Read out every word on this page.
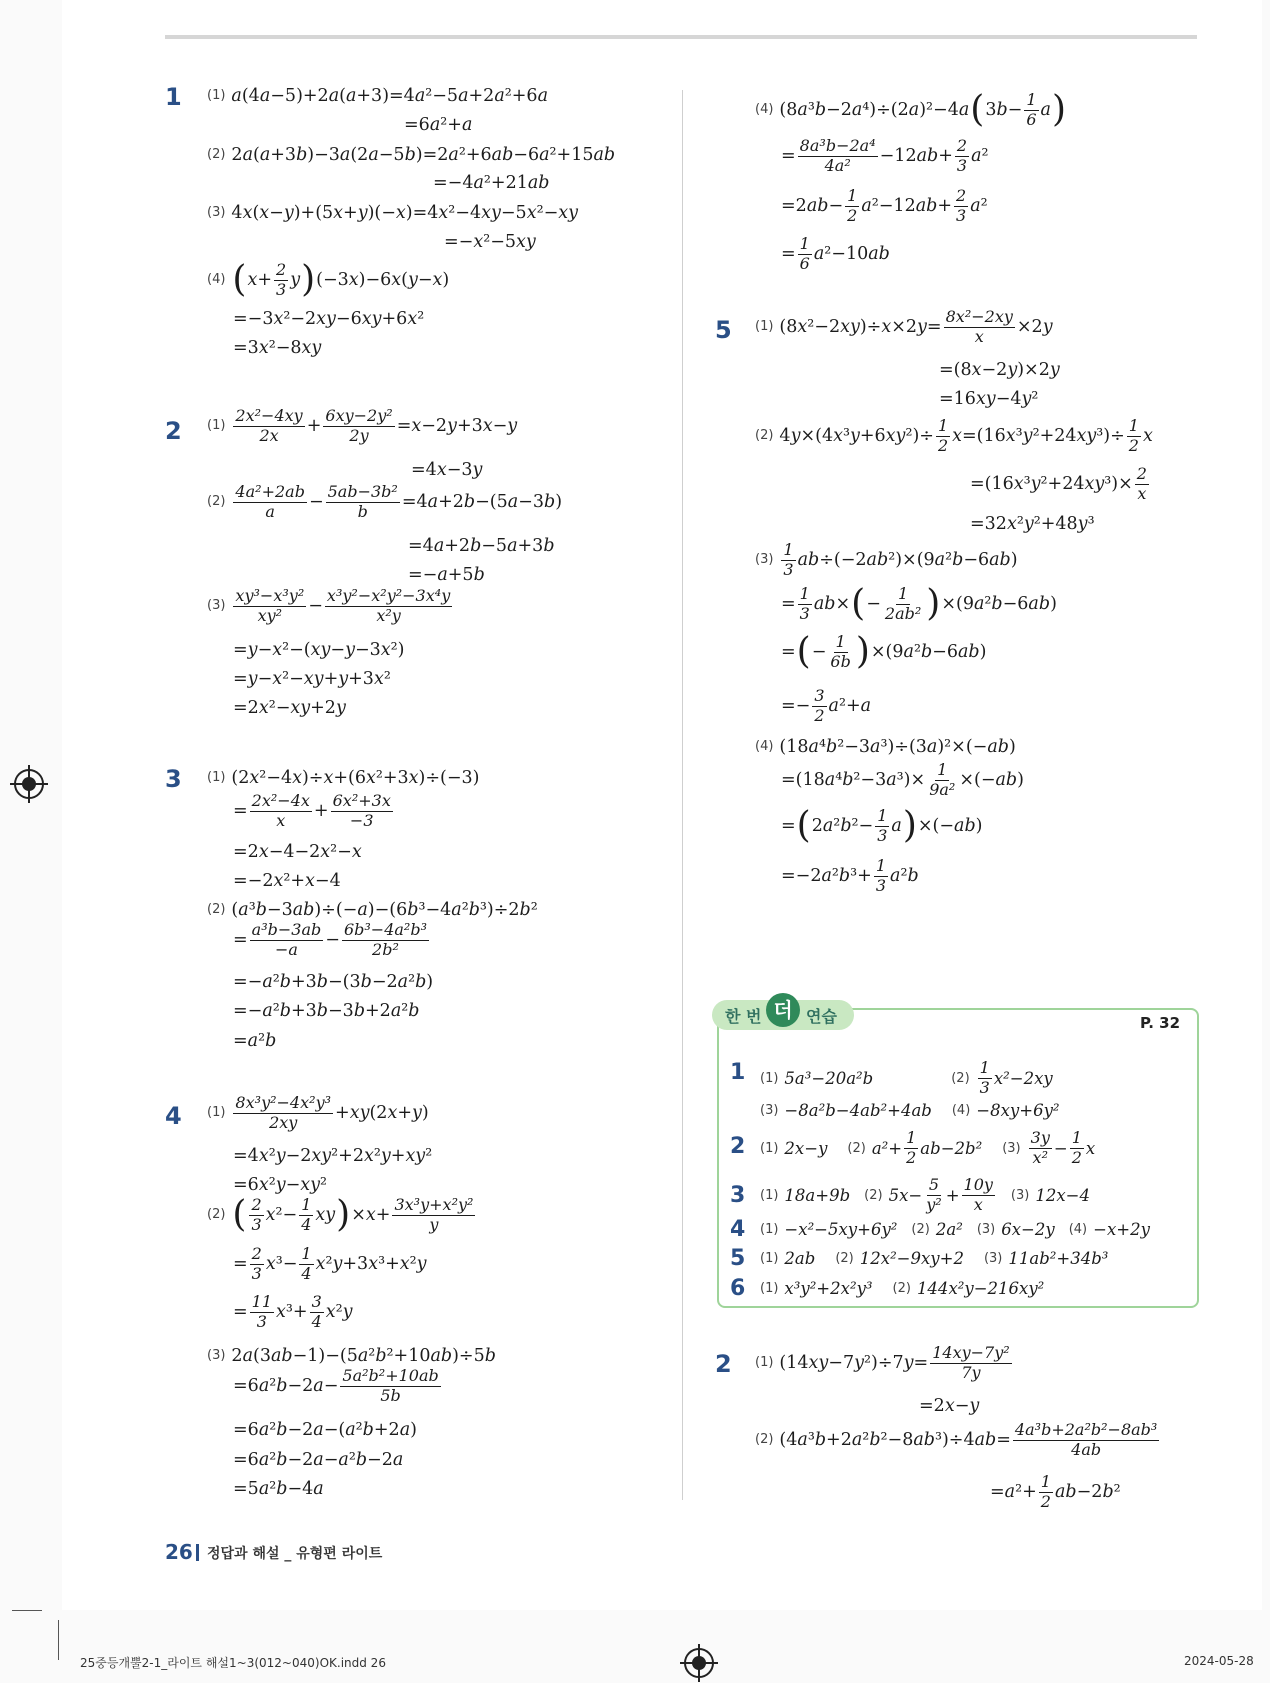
1 (1) a (4 a −5)+2 a ( a +3)=4 a ²−5 a +2 a ²+6 a
=6 a ²+ a
(2) 2 a ( a +3 b )−3 a (2 a −5 b )=2 a ²+6 ab −6 a ²+15 ab
=−4 a ²+21 ab
(3) 4 x ( x − y )+(5 x + y )(− x )=4 x ²−4 xy −5 x ²− xy
=− x ²−5 xy
(4) ( $x + \frac{2}{3}$ y ) (−3 x )−6 x ( y − x )
=−3 x ²−2 xy −6 xy +6 x ²
=3 x ²−8 xy
2 $(1) \frac{\text{2x²−4xy}}{2x} + \frac{\text{6xy−2y²}}{2y} = x -2$ y +3 x − y
=4 x −3 y
$(2) \frac{\text{4a²+2ab}}{a} - \frac{\text{5ab−3b²}}{b} =4$ a +2 b −(5 a −3 b )
=4 a +2 b −5 a +3 b
=− a +5 b
$(3) \frac{\text{xy³−x³y²}}{\text{xy²}} - \frac{\text{x³y²−x²y²−3x⁴y}}{\text{x²y}}$
= y − x ²−( xy − y −3 x ²)
= y − x ²− xy + y +3 x ²
=2 x ²− xy +2 y
3 (1) (2 x ²−4 x )÷ x +(6 x ²+3 x )÷(−3)
= $\frac{\text{2x²−4x}}{x} + \frac{\text{6x²+3x}}{-3}$
=2 x −4−2 x ²− x
=−2 x ²+ x −4
(2) ( a ³ b −3 ab )÷(− a )−(6 b ³−4 a ² b ³)÷2 b ²
= $\frac{\text{a³b−3ab}}{-a} - \frac{\text{6b³−4a²b³}}{\text{2b²}}$
=− a ² b +3 b −(3 b −2 a ² b )
=− a ² b +3 b −3 b +2 a ² b
= a ² b
4 $(1) \frac{\text{8x³y²−4x²y³}}{2xy}$ + xy (2 x + y )
=4 x ² y −2 xy ²+2 x ² y + xy ²
=6 x ² y − xy ²
(2) ( $\frac{2}{3}$ x $^2- \frac{1}{4}$ xy ) × $x + \frac{\text{3x³y+x²y²}}{y}$
= $\frac{2}{3}$ x $^3- \frac{1}{4}$ x ² y +3 x ³+ x ² y
= $\frac{11}{3}$ x $^3+ \frac{3}{4}$ x ² y
(3) 2 a (3 ab −1)−(5 a ² b ²+10 ab )÷5 b
=6 a ² b −2 $a - \frac{\text{5a²b²+10ab}}{5b}$
=6 a ² b −2 a −( a ² b +2 a )
=6 a ² b −2 a − a ² b −2 a
=5 a ² b −4 a
(4) (8 a ³ b −2 a ⁴)÷(2 a )²−4 a ( 3 $b - \frac{1}{6}$ a )
= $\frac{\text{8a³b−2a⁴}}{\text{4a²}} -12$ ab + $\frac{2}{3}$ a ²
=2 ab − $\frac{1}{2}$ a ²−12 ab + $\frac{2}{3}$ a ²
= $\frac{1}{6}$ a ²−10 ab
5 (1) (8 x ²−2 xy )÷ x ×2 $y = \frac{\text{8x²−2xy}}{x} \times 2$ y
=(8 x −2 y )×2 y
=16 xy −4 y ²
(2) 4 y ×(4 x ³ y +6 xy $^2)\div \frac{1}{2}$ x =(16 x ³ y ²+24 xy $^3)\div \frac{1}{2}$ x
=(16 x ³ y ²+24 xy $^3)\times \frac{2}{x}$
=32 x ² y ²+48 y ³
$(3) \frac{1}{3}$ ab ÷(−2 ab ²)×(9 a ² b −6 ab )
= $\frac{1}{3}$ ab × ( − $\frac{1}{\text{2ab²}}$ ) ×(9 a ² b −6 ab )
= ( − $\frac{1}{6b}$ ) ×(9 a ² b −6 ab )
=− $\frac{3}{2}$ a ²+ a
(4) (18 a ⁴ b ²−3 a ³)÷(3 a )²×(− ab )
=(18 a ⁴ b ²−3 a $^3)\times \frac{1}{\text{9a²}}$ ×(− ab )
= ( 2 a ² b $^2- \frac{1}{3}$ a ) ×(− ab )
=−2 a ² b $^3+ \frac{1}{3}$ a ² b
한 번 더 연습	P. 32
1 (1) 5 a ³−20 a ² b	$(2) \frac{1}{3}$ x ²−2 xy
(3) −8 a ² b −4 ab ²+4 ab (4) −8 xy +6 y ²
2 (1) 2 x − y (2) a $^2+ \frac{1}{2}$ ab −2 b ² $(3) \frac{3y}{\text{x²}} - \frac{1}{2}$ x
3 (1) 18 a +9 b (2) 5 $x - \frac{5}{\text{y²}} + \frac{10y}{x} (3)$ 12 x −4
4 (1) − x ²−5 xy +6 y ² (2) 2 a ² (3) 6 x −2 y (4) − x +2 y
5 (1) 2 ab (2) 12 x ²−9 xy +2 (3) 11 ab ²+34 b ³
6 (1) x ³ y ²+2 x ² y ³ (2) 144 x ² y −216 xy ²
2 (1) (14 xy −7 y ²)÷7 $y = \frac{\text{14xy−7y²}}{7y}$
=2 x − y
(2) (4 a ³ b +2 a ² b ²−8 ab ³)÷4 ab = $\frac{\text{4a³b+2a²b²−8ab³}}{4ab}$
= a $^2+ \frac{1}{2}$ ab −2 b ²
26 정답과 해설 _ 유형편 라이트
25중등개뿔2-1_라이트 해설1~3(012~040)OK.indd 26	2024-05-28
